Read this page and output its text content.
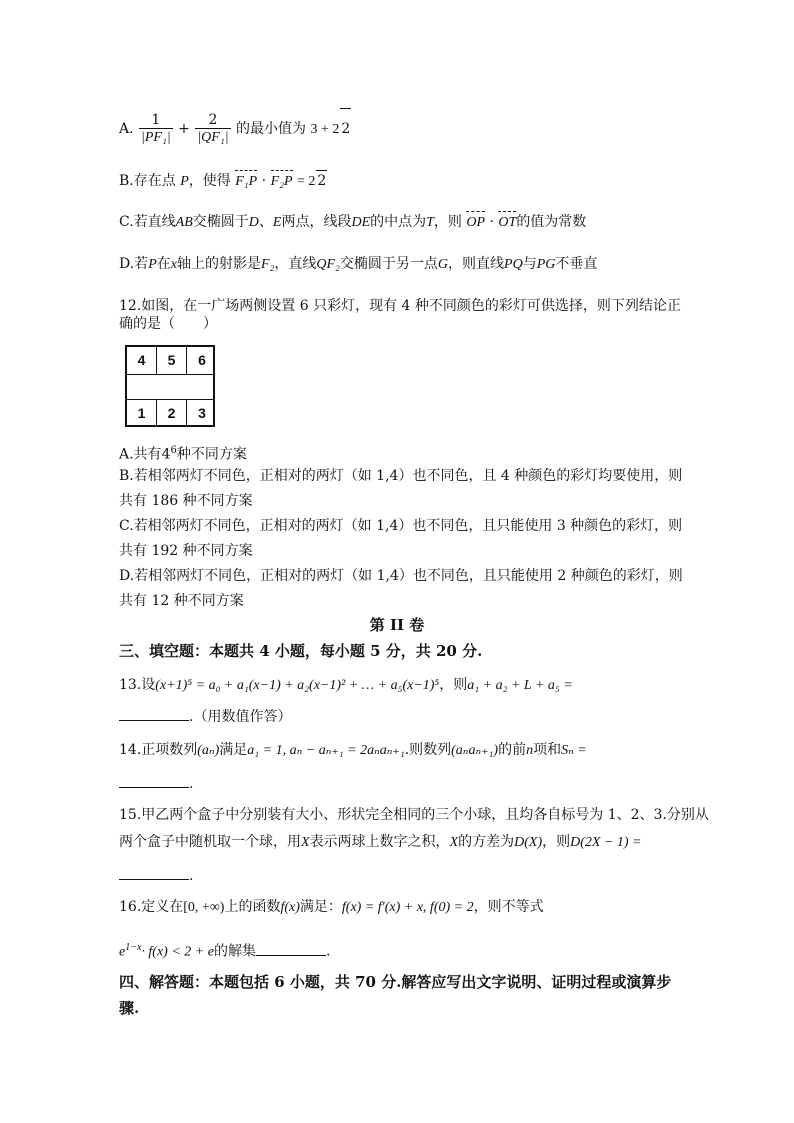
A. $\frac{1}{\text{|PF₁|}} + \frac{2}{\text{|QF₁|}}$ 的最小值为 3 + 2 2
B.存在点 P，使得 F₁P · F₂P = 2 2
C.若直线AB交椭圆于D、E两点，线段DE的中点为T，则 OP · OT的值为常数
D.若P在x轴上的射影是F₂，直线QF₂交椭圆于另一点G，则直线PQ与PG不垂直
12.如图，在一广场两侧设置 6 只彩灯，现有 4 种不同颜色的彩灯可供选择，则下列结论正
确的是（　　）
4	5	6
1	2	3
A.共有$4^6$种不同方案
B.若相邻两灯不同色，正相对的两灯（如 1,4）也不同色，且 4 种颜色的彩灯均要使用，则
共有 186 种不同方案
C.若相邻两灯不同色，正相对的两灯（如 1,4）也不同色，且只能使用 3 种颜色的彩灯，则
共有 192 种不同方案
D.若相邻两灯不同色，正相对的两灯（如 1,4）也不同色，且只能使用 2 种颜色的彩灯，则
共有 12 种不同方案
第 II 卷
三、填空题：本题共 4 小题，每小题 5 分，共 20 分.
13.设(x+1)⁵ = a₀ + a₁(x−1) + a₂(x−1)² + … + a₅(x−1)⁵，则a₁ + a₂ + L + a₅ =
.（用数值作答）
14.正项数列(aₙ)满足a₁ = 1, aₙ − aₙ₊₁ = 2aₙaₙ₊₁.则数列(aₙaₙ₊₁)的前n项和Sₙ =
.
15.甲乙两个盒子中分别装有大小、形状完全相同的三个小球，且均各自标号为 1、2、3.分别从
两个盒子中随机取一个球，用X表示两球上数字之积，X的方差为D(X)，则D(2X − 1) =
.
16.定义在[0, +∞)上的函数f(x)满足：f(x) = f′(x) + x, f(0) = 2，则不等式
$e^{1-x}\cdot f(x) < 2 + e$的解集	.
四、解答题：本题包括 6 小题，共 70 分.解答应写出文字说明、证明过程或演算步
骤.
